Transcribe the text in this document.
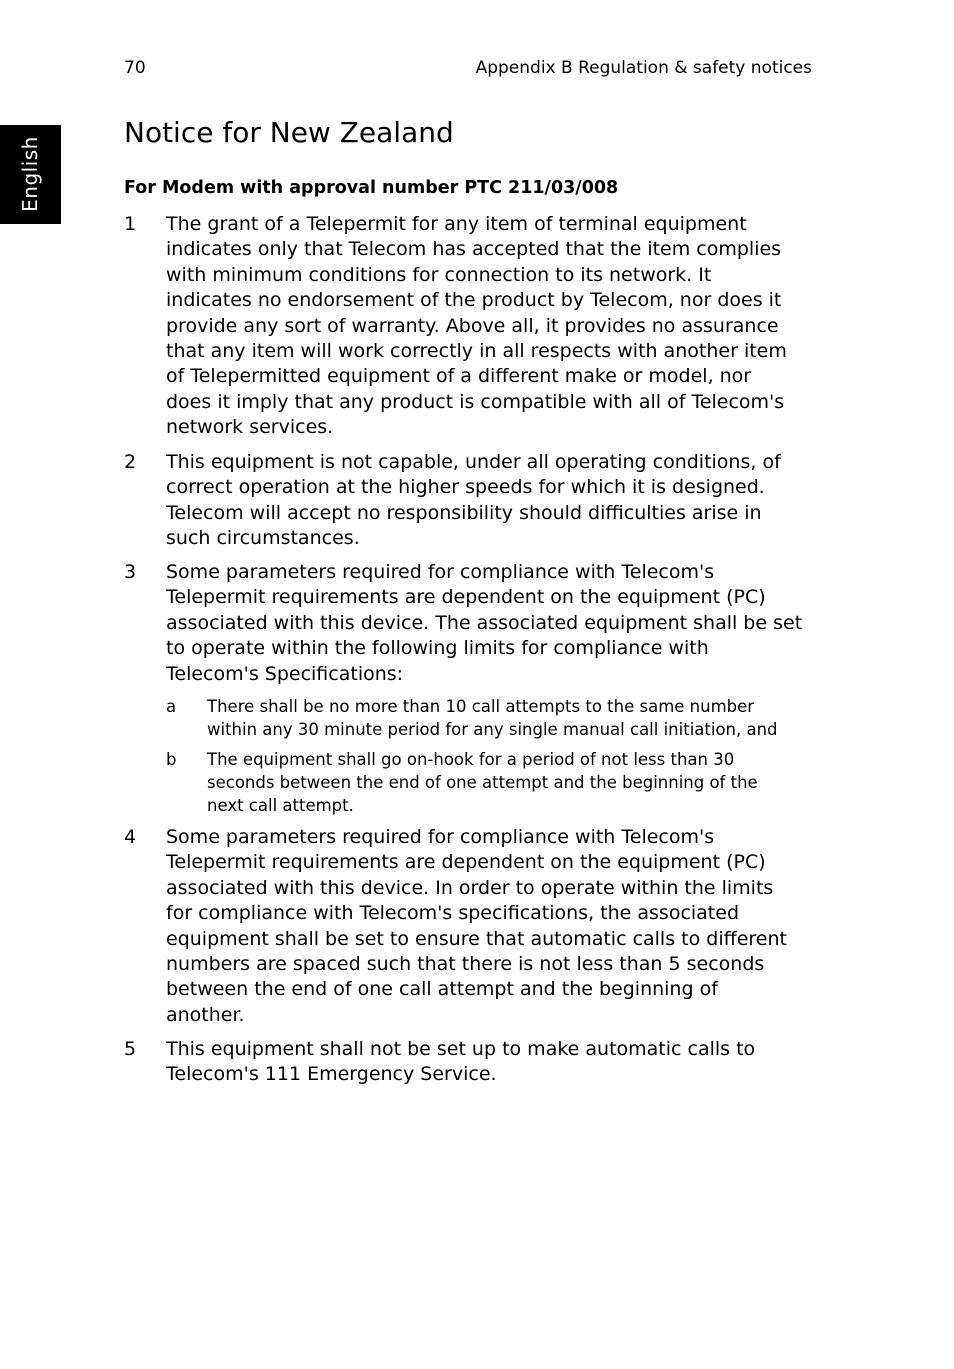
70	Appendix B Regulation & safety notices
English
Notice for New Zealand
For Modem with approval number PTC 211/03/008
1 The grant of a Telepermit for any item of terminal equipment
indicates only that Telecom has accepted that the item complies
with minimum conditions for connection to its network. It
indicates no endorsement of the product by Telecom, nor does it
provide any sort of warranty. Above all, it provides no assurance
that any item will work correctly in all respects with another item
of Telepermitted equipment of a different make or model, nor
does it imply that any product is compatible with all of Telecom's
network services.
2 This equipment is not capable, under all operating conditions, of
correct operation at the higher speeds for which it is designed.
Telecom will accept no responsibility should difficulties arise in
such circumstances.
3 Some parameters required for compliance with Telecom's
Telepermit requirements are dependent on the equipment (PC)
associated with this device. The associated equipment shall be set
to operate within the following limits for compliance with
Telecom's Specifications:
a There shall be no more than 10 call attempts to the same number
within any 30 minute period for any single manual call initiation, and
b The equipment shall go on-hook for a period of not less than 30
seconds between the end of one attempt and the beginning of the
next call attempt.
4 Some parameters required for compliance with Telecom's
Telepermit requirements are dependent on the equipment (PC)
associated with this device. In order to operate within the limits
for compliance with Telecom's specifications, the associated
equipment shall be set to ensure that automatic calls to different
numbers are spaced such that there is not less than 5 seconds
between the end of one call attempt and the beginning of
another.
5 This equipment shall not be set up to make automatic calls to
Telecom's 111 Emergency Service.
